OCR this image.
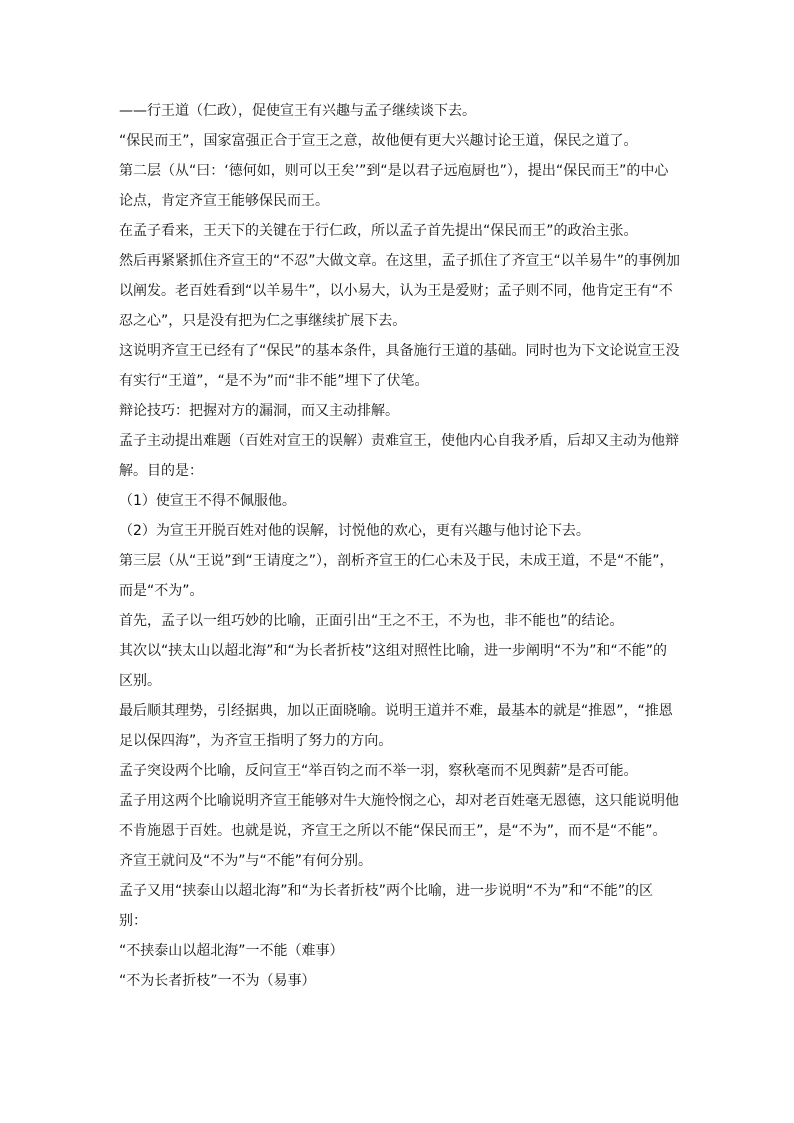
——行王道（仁政），促使宣王有兴趣与孟子继续谈下去。

“保民而王”，国家富强正合于宣王之意，故他便有更大兴趣讨论王道，保民之道了。

第二层（从“曰：‘德何如，则可以王矣’”到“是以君子远庖厨也”），提出“保民而王”的中心论点，肯定齐宣王能够保民而王。

在孟子看来，王天下的关键在于行仁政，所以孟子首先提出“保民而王”的政治主张。

然后再紧紧抓住齐宣王的“不忍”大做文章。在这里，孟子抓住了齐宣王“以羊易牛”的事例加以阐发。老百姓看到“以羊易牛”，以小易大，认为王是爱财；孟子则不同，他肯定王有“不忍之心”，只是没有把为仁之事继续扩展下去。

这说明齐宣王已经有了“保民”的基本条件，具备施行王道的基础。同时也为下文论说宣王没有实行“王道”，“是不为”而“非不能”埋下了伏笔。

辩论技巧：把握对方的漏洞，而又主动排解。

孟子主动提出难题（百姓对宣王的误解）责难宣王，使他内心自我矛盾，后却又主动为他辩解。目的是：

（1）使宣王不得不佩服他。

（2）为宣王开脱百姓对他的误解，讨悦他的欢心，更有兴趣与他讨论下去。

第三层（从“王说”到“王请度之”），剖析齐宣王的仁心未及于民，未成王道，不是“不能”，而是“不为”。

首先，孟子以一组巧妙的比喻，正面引出“王之不王，不为也，非不能也”的结论。

其次以“挟太山以超北海”和“为长者折枝”这组对照性比喻，进一步阐明“不为”和“不能”的区别。

最后顺其理势，引经据典，加以正面晓喻。说明王道并不难，最基本的就是“推恩”，“推恩足以保四海”，为齐宣王指明了努力的方向。

孟子突设两个比喻，反问宣王“举百钧之而不举一羽，察秋毫而不见舆薪”是否可能。

孟子用这两个比喻说明齐宣王能够对牛大施怜悯之心，却对老百姓毫无恩德，这只能说明他不肯施恩于百姓。也就是说，齐宣王之所以不能“保民而王”，是“不为”，而不是“不能”。

齐宣王就问及“不为”与“不能”有何分别。

孟子又用“挟泰山以超北海”和“为长者折枝”两个比喻，进一步说明“不为”和“不能”的区别：

“不挟泰山以超北海”一不能（难事）

“不为长者折枝”一不为（易事）
